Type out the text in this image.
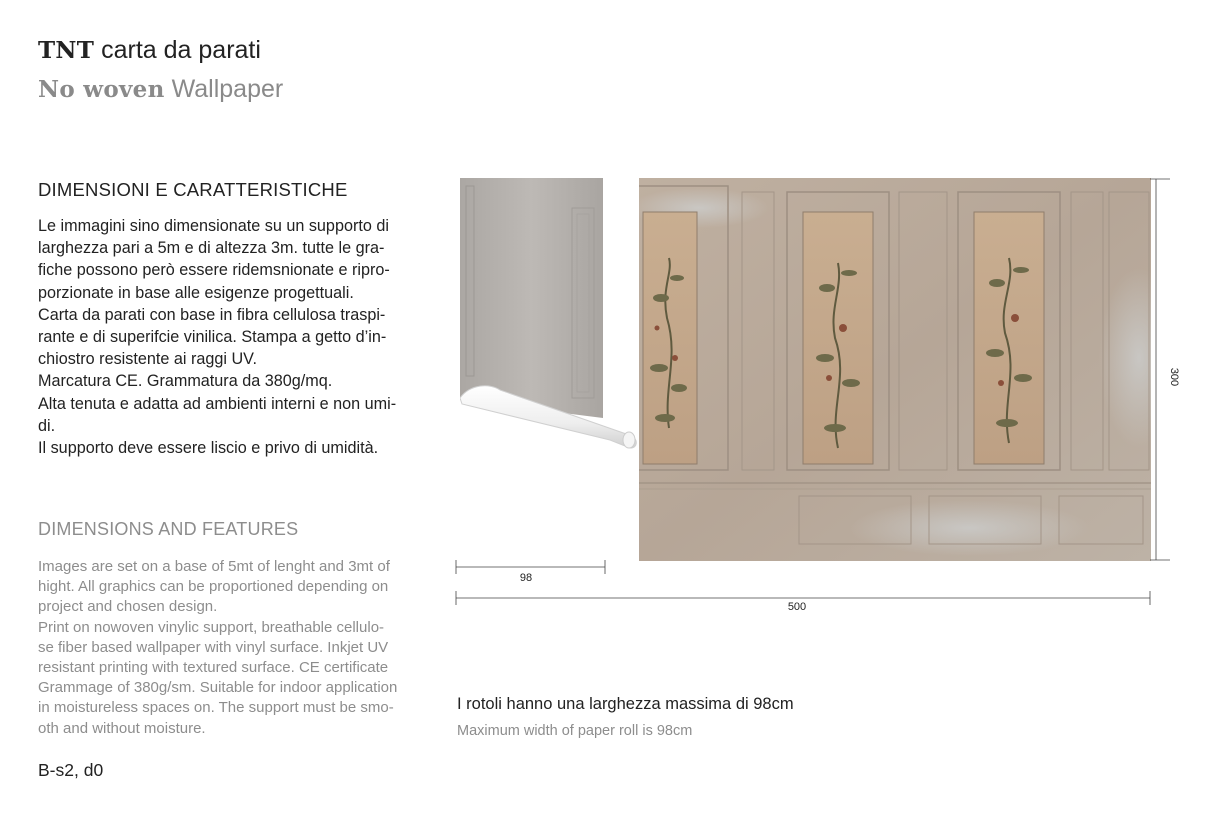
TNT carta da parati
No woven Wallpaper
DIMENSIONI E CARATTERISTICHE
Le immagini sino dimensionate su un supporto di
larghezza pari a 5m e di altezza 3m. tutte le gra-
fiche possono però essere ridemsnionate e ripro-
porzionate in base alle esigenze progettuali.
Carta da parati con base in fibra cellulosa traspi-
rante e di superifcie vinilica. Stampa a getto d’in-
chiostro resistente ai raggi UV.
Marcatura CE. Grammatura da 380g/mq.
Alta tenuta e adatta ad ambienti interni e non umi-
di.
Il supporto deve essere liscio e privo di umidità.
DIMENSIONS AND FEATURES
Images are set on a base of 5mt of lenght and 3mt of
hight. All graphics can be proportioned depending on
project and chosen design.
Print on nowoven vinylic support, breathable cellulo-
se fiber based wallpaper with vinyl surface. Inkjet UV
resistant printing with textured surface. CE certificate
Grammage of 380g/sm. Suitable for indoor application
in moistureless spaces on. The support must be smo-
oth and without moisture.
B-s2, d0
300
98
500
I rotoli hanno una larghezza massima di 98cm
Maximum width of paper roll is 98cm
